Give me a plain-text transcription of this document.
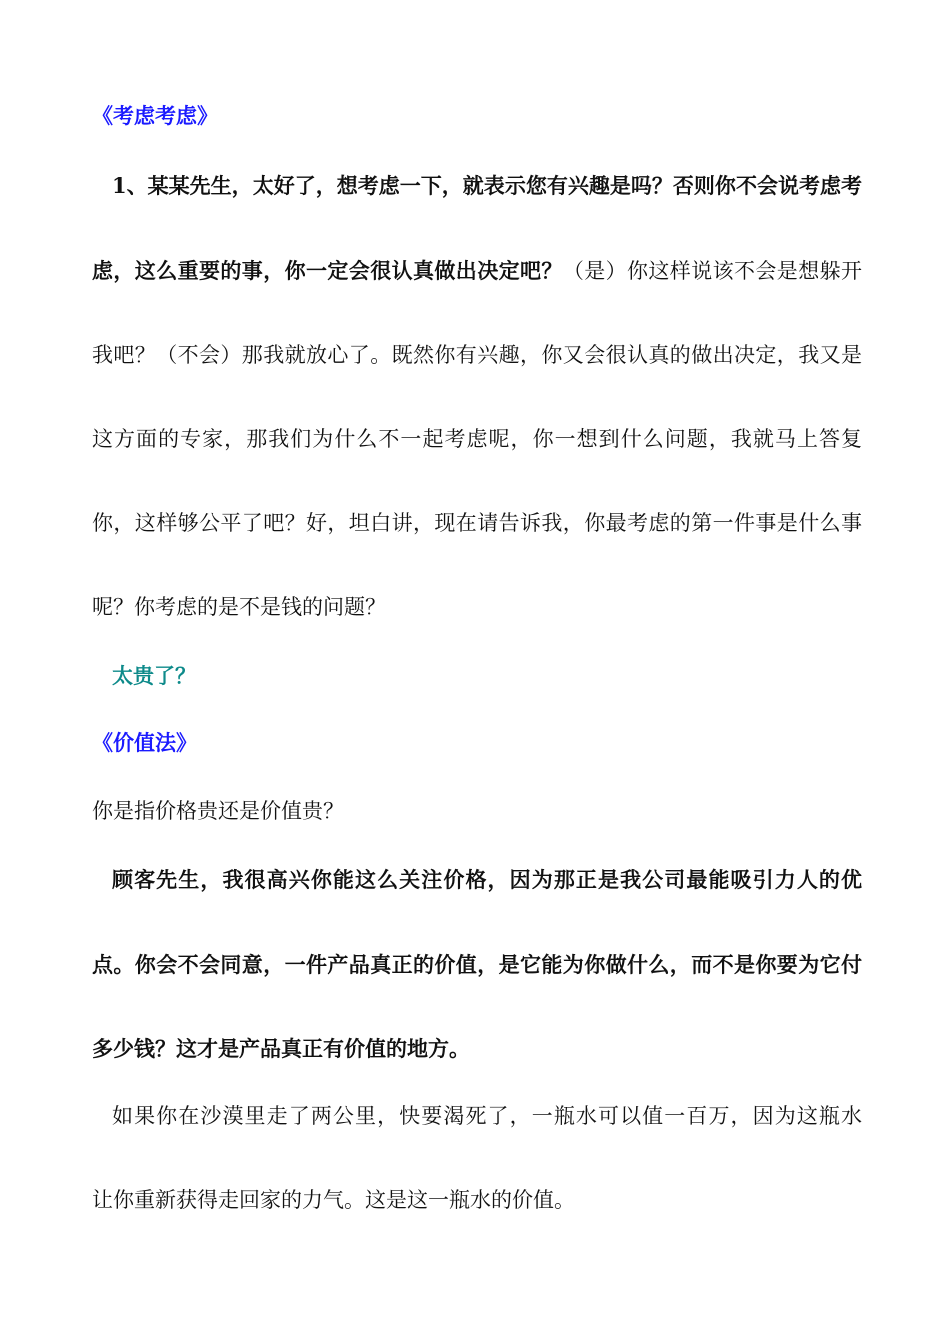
《考虑考虑》
1、某某先生，太好了，想考虑一下，就表示您有兴趣是吗？否则你不会说考虑考
虑，这么重要的事，你一定会很认真做出决定吧？（是）你这样说该不会是想躲开
我吧？（不会）那我就放心了。既然你有兴趣，你又会很认真的做出决定，我又是
这方面的专家，那我们为什么不一起考虑呢，你一想到什么问题，我就马上答复
你，这样够公平了吧？好，坦白讲，现在请告诉我，你最考虑的第一件事是什么事
呢？你考虑的是不是钱的问题？
太贵了？
《价值法》
你是指价格贵还是价值贵？
顾客先生，我很高兴你能这么关注价格，因为那正是我公司最能吸引力人的优
点。你会不会同意，一件产品真正的价值，是它能为你做什么，而不是你要为它付
多少钱？这才是产品真正有价值的地方。
如果你在沙漠里走了两公里，快要渴死了，一瓶水可以值一百万，因为这瓶水
让你重新获得走回家的力气。这是这一瓶水的价值。
